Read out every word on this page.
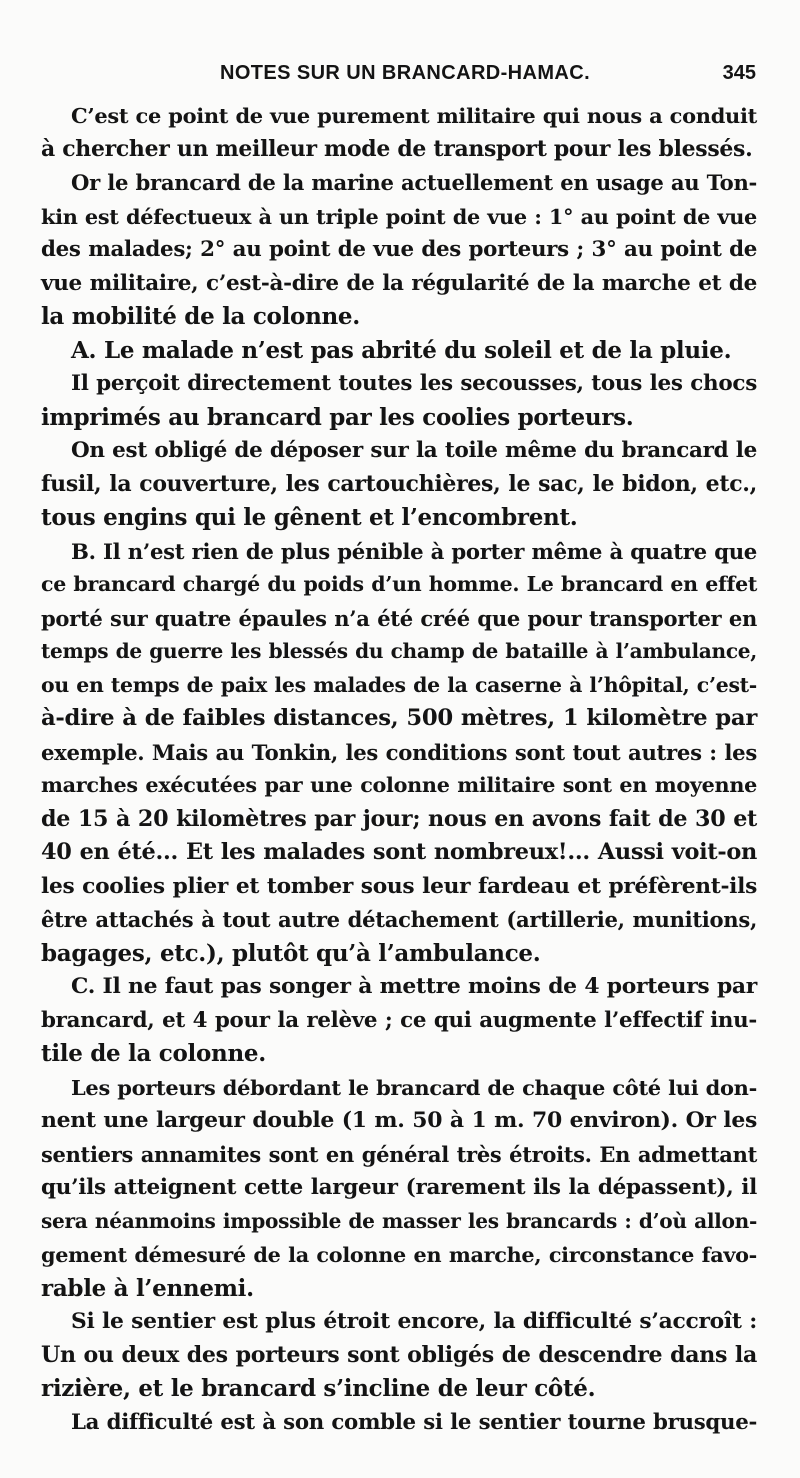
NOTES SUR UN BRANCARD-HAMAC.	345
C’est ce point de vue purement militaire qui nous a conduit
à chercher un meilleur mode de transport pour les blessés.
Or le brancard de la marine actuellement en usage au Ton-
kin est défectueux à un triple point de vue : 1° au point de vue
des malades; 2° au point de vue des porteurs ; 3° au point de
vue militaire, c’est-à-dire de la régularité de la marche et de
la mobilité de la colonne.
A. Le malade n’est pas abrité du soleil et de la pluie.
Il perçoit directement toutes les secousses, tous les chocs
imprimés au brancard par les coolies porteurs.
On est obligé de déposer sur la toile même du brancard le
fusil, la couverture, les cartouchières, le sac, le bidon, etc.,
tous engins qui le gênent et l’encombrent.
B. Il n’est rien de plus pénible à porter même à quatre que
ce brancard chargé du poids d’un homme. Le brancard en effet
porté sur quatre épaules n’a été créé que pour transporter en
temps de guerre les blessés du champ de bataille à l’ambulance,
ou en temps de paix les malades de la caserne à l’hôpital, c’est-
à-dire à de faibles distances, 500 mètres, 1 kilomètre par
exemple. Mais au Tonkin, les conditions sont tout autres : les
marches exécutées par une colonne militaire sont en moyenne
de 15 à 20 kilomètres par jour; nous en avons fait de 30 et
40 en été... Et les malades sont nombreux!... Aussi voit-on
les coolies plier et tomber sous leur fardeau et préfèrent-ils
être attachés à tout autre détachement (artillerie, munitions,
bagages, etc.), plutôt qu’à l’ambulance.
C. Il ne faut pas songer à mettre moins de 4 porteurs par
brancard, et 4 pour la relève ; ce qui augmente l’effectif inu-
tile de la colonne.
Les porteurs débordant le brancard de chaque côté lui don-
nent une largeur double (1 m. 50 à 1 m. 70 environ). Or les
sentiers annamites sont en général très étroits. En admettant
qu’ils atteignent cette largeur (rarement ils la dépassent), il
sera néanmoins impossible de masser les brancards : d’où allon-
gement démesuré de la colonne en marche, circonstance favo-
rable à l’ennemi.
Si le sentier est plus étroit encore, la difficulté s’accroît :
Un ou deux des porteurs sont obligés de descendre dans la
rizière, et le brancard s’incline de leur côté.
La difficulté est à son comble si le sentier tourne brusque-
